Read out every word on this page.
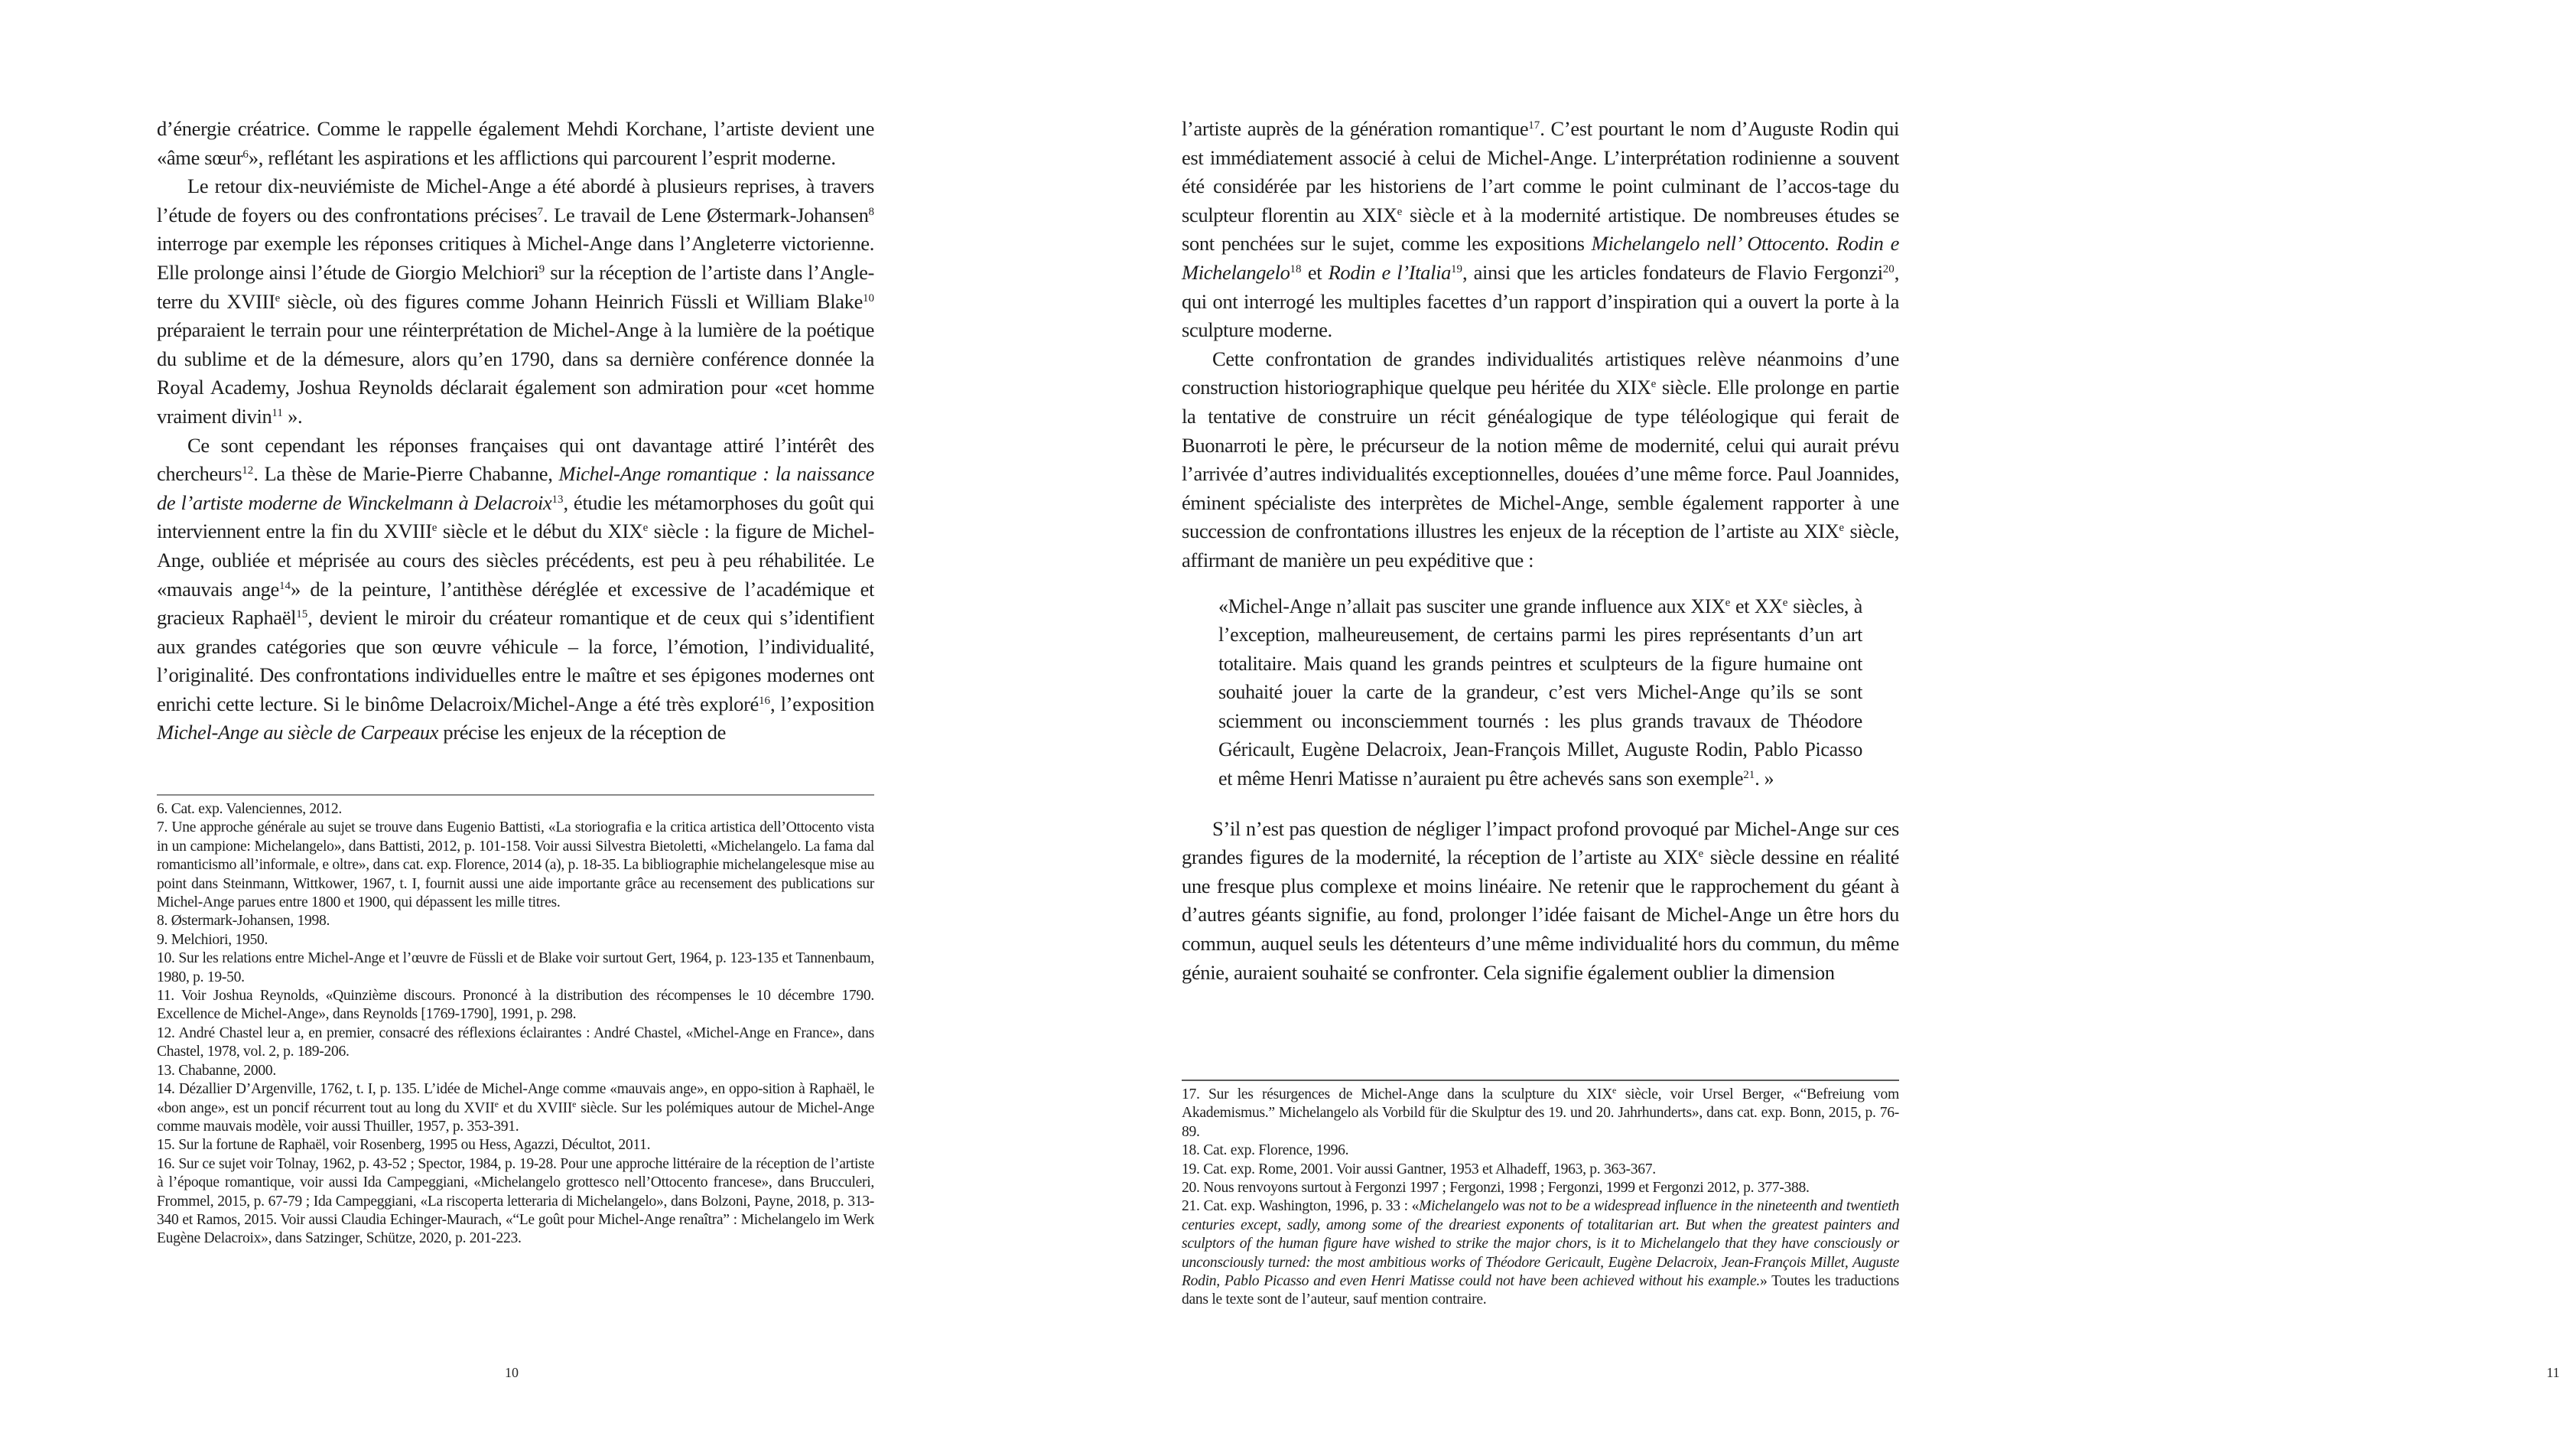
d’énergie créatrice. Comme le rappelle également Mehdi Korchane, l’artiste devient une «âme sœur$^6$», reflétant les aspirations et les afflictions qui parcourent l’esprit moderne.

Le retour dix-neuviémiste de Michel-Ange a été abordé à plusieurs reprises, à travers l’étude de foyers ou des confrontations précises$^7$. Le travail de Lene Østermark-Johansen$^8$ interroge par exemple les réponses critiques à Michel-Ange dans l’Angleterre victorienne. Elle prolonge ainsi l’étude de Giorgio Melchiori$^9$ sur la réception de l’artiste dans l’Angle-terre du XVIIIe siècle, où des figures comme Johann Heinrich Füssli et William Blake$^{10}$ préparaient le terrain pour une réinterprétation de Michel-Ange à la lumière de la poétique du sublime et de la démesure, alors qu’en 1790, dans sa dernière conférence donnée la Royal Academy, Joshua Reynolds déclarait également son admiration pour «cet homme vraiment divin$^{11}$ ».

Ce sont cependant les réponses françaises qui ont davantage attiré l’intérêt des chercheurs$^{12}$. La thèse de Marie-Pierre Chabanne, Michel-Ange romantique : la naissance de l’artiste moderne de Winckelmann à Delacroix$^{13}$, étudie les métamorphoses du goût qui interviennent entre la fin du XVIIIe siècle et le début du XIXe siècle : la figure de Michel-Ange, oubliée et méprisée au cours des siècles précédents, est peu à peu réhabilitée. Le «mauvais ange$^{14}$» de la peinture, l’antithèse déréglée et excessive de l’académique et gracieux Raphaël$^{15}$, devient le miroir du créateur romantique et de ceux qui s’identifient aux grandes catégories que son œuvre véhicule – la force, l’émotion, l’individualité, l’originalité. Des confrontations individuelles entre le maître et ses épigones modernes ont enrichi cette lecture. Si le binôme Delacroix/Michel-Ange a été très exploré$^{16}$, l’exposition Michel-Ange au siècle de Carpeaux précise les enjeux de la réception de

6. Cat. exp. Valenciennes, 2012.

7. Une approche générale au sujet se trouve dans Eugenio Battisti, «La storiografia e la critica artistica dell’Ottocento vista in un campione: Michelangelo», dans Battisti, 2012, p. 101-158. Voir aussi Silvestra Bietoletti, «Michelangelo. La fama dal romanticismo all’informale, e oltre», dans cat. exp. Florence, 2014 (a), p. 18-35. La bibliographie michelangelesque mise au point dans Steinmann, Wittkower, 1967, t. I, fournit aussi une aide importante grâce au recensement des publications sur Michel-Ange parues entre 1800 et 1900, qui dépassent les mille titres.

8. Østermark-Johansen, 1998.

9. Melchiori, 1950.

10. Sur les relations entre Michel-Ange et l’œuvre de Füssli et de Blake voir surtout Gert, 1964, p. 123-135 et Tannenbaum, 1980, p. 19-50.

11. Voir Joshua Reynolds, «Quinzième discours. Prononcé à la distribution des récompenses le 10 décembre 1790. Excellence de Michel-Ange», dans Reynolds [1769-1790], 1991, p. 298.

12. André Chastel leur a, en premier, consacré des réflexions éclairantes : André Chastel, «Michel-Ange en France», dans Chastel, 1978, vol. 2, p. 189-206.

13. Chabanne, 2000.

14. Dézallier D’Argenville, 1762, t. I, p. 135. L’idée de Michel-Ange comme «mauvais ange», en oppo-sition à Raphaël, le «bon ange», est un poncif récurrent tout au long du XVIIe et du XVIIIe siècle. Sur les polémiques autour de Michel-Ange comme mauvais modèle, voir aussi Thuiller, 1957, p. 353-391.

15. Sur la fortune de Raphaël, voir Rosenberg, 1995 ou Hess, Agazzi, Décultot, 2011.

16. Sur ce sujet voir Tolnay, 1962, p. 43-52 ; Spector, 1984, p. 19-28. Pour une approche littéraire de la réception de l’artiste à l’époque romantique, voir aussi Ida Campeggiani, «Michelangelo grottesco nell’Ottocento francese», dans Brucculeri, Frommel, 2015, p. 67-79 ; Ida Campeggiani, «La riscoperta letteraria di Michelangelo», dans Bolzoni, Payne, 2018, p. 313-340 et Ramos, 2015. Voir aussi Claudia Echinger-Maurach, «“Le goût pour Michel-Ange renaîtra” : Michelangelo im Werk Eugène Delacroix», dans Satzinger, Schütze, 2020, p. 201-223.

10

l’artiste auprès de la génération romantique$^{17}$. C’est pourtant le nom d’Auguste Rodin qui est immédiatement associé à celui de Michel-Ange. L’interprétation rodinienne a souvent été considérée par les historiens de l’art comme le point culminant de l’accos-tage du sculpteur florentin au XIXe siècle et à la modernité artistique. De nombreuses études se sont penchées sur le sujet, comme les expositions Michelangelo nell’ Ottocento. Rodin e Michelangelo$^{18}$ et Rodin e l’Italia$^{19}$, ainsi que les articles fondateurs de Flavio Fergonzi$^{20}$, qui ont interrogé les multiples facettes d’un rapport d’inspiration qui a ouvert la porte à la sculpture moderne.

Cette confrontation de grandes individualités artistiques relève néanmoins d’une construction historiographique quelque peu héritée du XIXe siècle. Elle prolonge en partie la tentative de construire un récit généalogique de type téléologique qui ferait de Buonarroti le père, le précurseur de la notion même de modernité, celui qui aurait prévu l’arrivée d’autres individualités exceptionnelles, douées d’une même force. Paul Joannides, éminent spécialiste des interprètes de Michel-Ange, semble également rapporter à une succession de confrontations illustres les enjeux de la réception de l’artiste au XIXe siècle, affirmant de manière un peu expéditive que :

«Michel-Ange n’allait pas susciter une grande influence aux XIXe et XXe siècles, à l’exception, malheureusement, de certains parmi les pires représentants d’un art totalitaire. Mais quand les grands peintres et sculpteurs de la figure humaine ont souhaité jouer la carte de la grandeur, c’est vers Michel-Ange qu’ils se sont sciemment ou inconsciemment tournés : les plus grands travaux de Théodore Géricault, Eugène Delacroix, Jean-François Millet, Auguste Rodin, Pablo Picasso et même Henri Matisse n’auraient pu être achevés sans son exemple$^{21}$. »

S’il n’est pas question de négliger l’impact profond provoqué par Michel-Ange sur ces grandes figures de la modernité, la réception de l’artiste au XIXe siècle dessine en réalité une fresque plus complexe et moins linéaire. Ne retenir que le rapprochement du géant à d’autres géants signifie, au fond, prolonger l’idée faisant de Michel-Ange un être hors du commun, auquel seuls les détenteurs d’une même individualité hors du commun, du même génie, auraient souhaité se confronter. Cela signifie également oublier la dimension

17. Sur les résurgences de Michel-Ange dans la sculpture du XIXe siècle, voir Ursel Berger, «“Befreiung vom Akademismus.” Michelangelo als Vorbild für die Skulptur des 19. und 20. Jahrhunderts», dans cat. exp. Bonn, 2015, p. 76-89.

18. Cat. exp. Florence, 1996.

19. Cat. exp. Rome, 2001. Voir aussi Gantner, 1953 et Alhadeff, 1963, p. 363-367.

20. Nous renvoyons surtout à Fergonzi 1997 ; Fergonzi, 1998 ; Fergonzi, 1999 et Fergonzi 2012, p. 377-388.

21. Cat. exp. Washington, 1996, p. 33 : «Michelangelo was not to be a widespread influence in the nineteenth and twentieth centuries except, sadly, among some of the dreariest exponents of totalitarian art. But when the greatest painters and sculptors of the human figure have wished to strike the major chors, is it to Michelangelo that they have consciously or unconsciously turned: the most ambitious works of Théodore Gericault, Eugène Delacroix, Jean-François Millet, Auguste Rodin, Pablo Picasso and even Henri Matisse could not have been achieved without his example.» Toutes les traductions dans le texte sont de l’auteur, sauf mention contraire.

11
